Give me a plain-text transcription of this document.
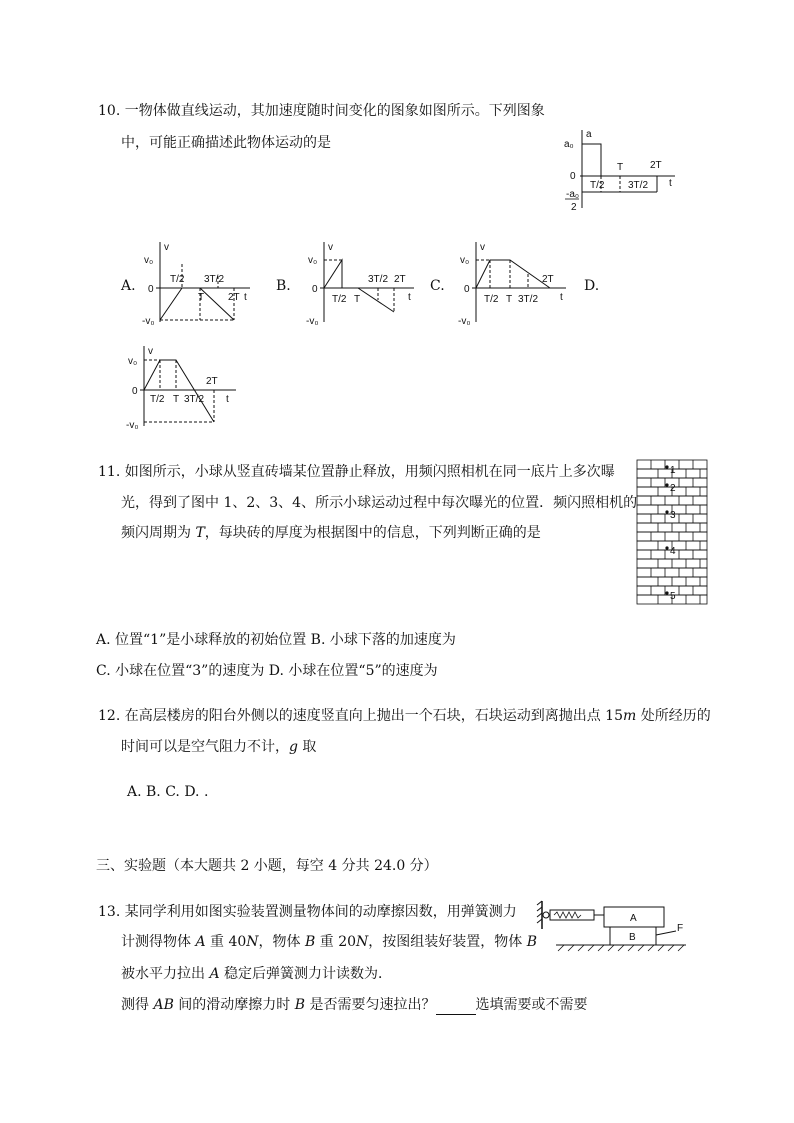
10. 一物体做直线运动，其加速度随时间变化的图象如图所示。下列图象
中，可能正确描述此物体运动的是
a
a₀
0
-a₀
2
T	2T
t
T/2 3T/2
A.	B.	C.	D.
v
v₀
0
-v₀
T/2 3T/2
T 2T t
v
v₀
0
-v₀
T/2 T
3T/2 2T
t
v
v₀
0
-v₀
T/2 T 3T/2
2T
t
v
v₀
0
-v₀
T/2 T 3T/2
2T
t
11. 如图所示，小球从竖直砖墙某位置静止释放，用频闪照相机在同一底片上多次曝
光，得到了图中 1、2、3、4、所示小球运动过程中每次曝光的位置．频闪照相机的
频闪周期为 T，每块砖的厚度为根据图中的信息，下列判断正确的是
1
2
3
4
5
A. 位置“1”是小球释放的初始位置 B. 小球下落的加速度为
C. 小球在位置“3”的速度为 D. 小球在位置“5”的速度为
12. 在高层楼房的阳台外侧以的速度竖直向上抛出一个石块，石块运动到离抛出点 15m 处所经历的
时间可以是空气阻力不计，g 取
A. B. C. D. .
三、实验题（本大题共 2 小题，每空 4 分共 24.0 分）
13. 某同学利用如图实验装置测量物体间的动摩擦因数，用弹簧测力
计测得物体 A 重 40N，物体 B 重 20N，按图组装好装置，物体 B
被水平力拉出 A 稳定后弹簧测力计读数为．
测得 AB 间的滑动摩擦力时 B 是否需要匀速拉出？	选填需要或不需要
A
B
F
